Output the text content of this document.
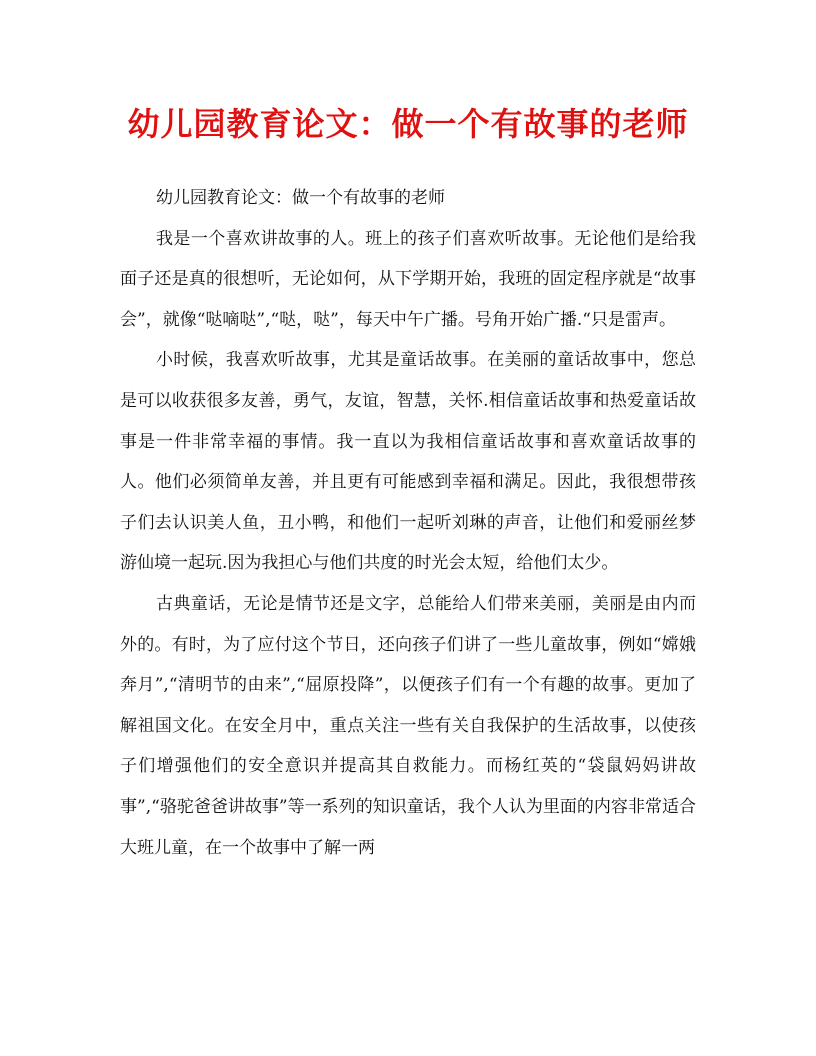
幼儿园教育论文：做一个有故事的老师

幼儿园教育论文：做一个有故事的老师

我是一个喜欢讲故事的人。班上的孩子们喜欢听故事。无论他们是给我面子还是真的很想听，无论如何，从下学期开始，我班的固定程序就是“故事会”，就像“哒嘀哒”,“哒，哒”，每天中午广播。号角开始广播.“只是雷声。

小时候，我喜欢听故事，尤其是童话故事。在美丽的童话故事中，您总是可以收获很多友善，勇气，友谊，智慧，关怀.相信童话故事和热爱童话故事是一件非常幸福的事情。我一直以为我相信童话故事和喜欢童话故事的人。他们必须简单友善，并且更有可能感到幸福和满足。因此，我很想带孩子们去认识美人鱼，丑小鸭，和他们一起听刘琳的声音，让他们和爱丽丝梦游仙境一起玩.因为我担心与他们共度的时光会太短，给他们太少。

古典童话，无论是情节还是文字，总能给人们带来美丽，美丽是由内而外的。有时，为了应付这个节日，还向孩子们讲了一些儿童故事，例如“嫦娥奔月”,“清明节的由来”,“屈原投降”，以便孩子们有一个有趣的故事。更加了解祖国文化。在安全月中，重点关注一些有关自我保护的生活故事，以使孩子们增强他们的安全意识并提高其自救能力。而杨红英的“袋鼠妈妈讲故事”,“骆驼爸爸讲故事”等一系列的知识童话，我个人认为里面的内容非常适合大班儿童，在一个故事中了解一两
